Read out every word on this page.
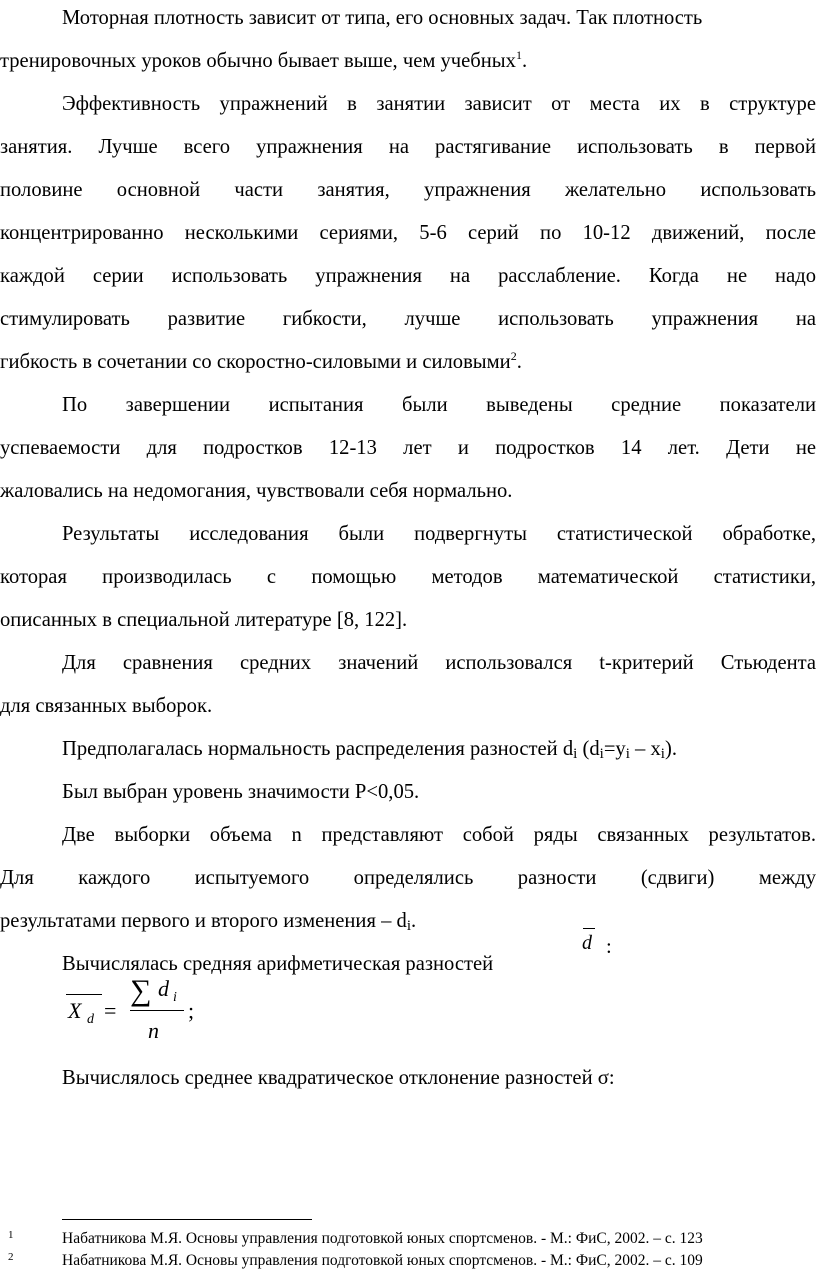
Моторная плотность зависит от типа, его основных задач. Так плотность
тренировочных уроков обычно бывает выше, чем учебных$^1$.
Эффективность упражнений в занятии зависит от места их в структуре
занятия. Лучше всего упражнения на растягивание использовать в первой
половине основной части занятия, упражнения желательно использовать
концентрированно несколькими сериями, 5-6 серий по 10-12 движений, после
каждой серии использовать упражнения на расслабление. Когда не надо
стимулировать развитие гибкости, лучше использовать упражнения на
гибкость в сочетании со скоростно-силовыми и силовыми$^2$.
По завершении испытания были выведены средние показатели
успеваемости для подростков 12-13 лет и подростков 14 лет. Дети не
жаловались на недомогания, чувствовали себя нормально.
Результаты исследования были подвергнуты статистической обработке,
которая производилась с помощью методов математической статистики,
описанных в специальной литературе [8, 122].
Для сравнения средних значений использовался t-критерий Стьюдента
для связанных выборок.
Предполагалась нормальность распределения разностей $d_i$ $(d_i=y_i - x_i)$.
Был выбран уровень значимости P<0,05.
Две выборки объема n представляют собой ряды связанных результатов.
Для каждого испытуемого определялись разности (сдвиги) между
результатами первого и второго изменения – $d_i$.
Вычислялась средняя арифметическая разностей
d :
X d =
∑ d i
n
;
Вычислялось среднее квадратическое отклонение разностей σ:
1	Набатникова М.Я. Основы управления подготовкой юных спортсменов. - М.: ФиС, 2002. – с. 123
2	Набатникова М.Я. Основы управления подготовкой юных спортсменов. - М.: ФиС, 2002. – с. 109
